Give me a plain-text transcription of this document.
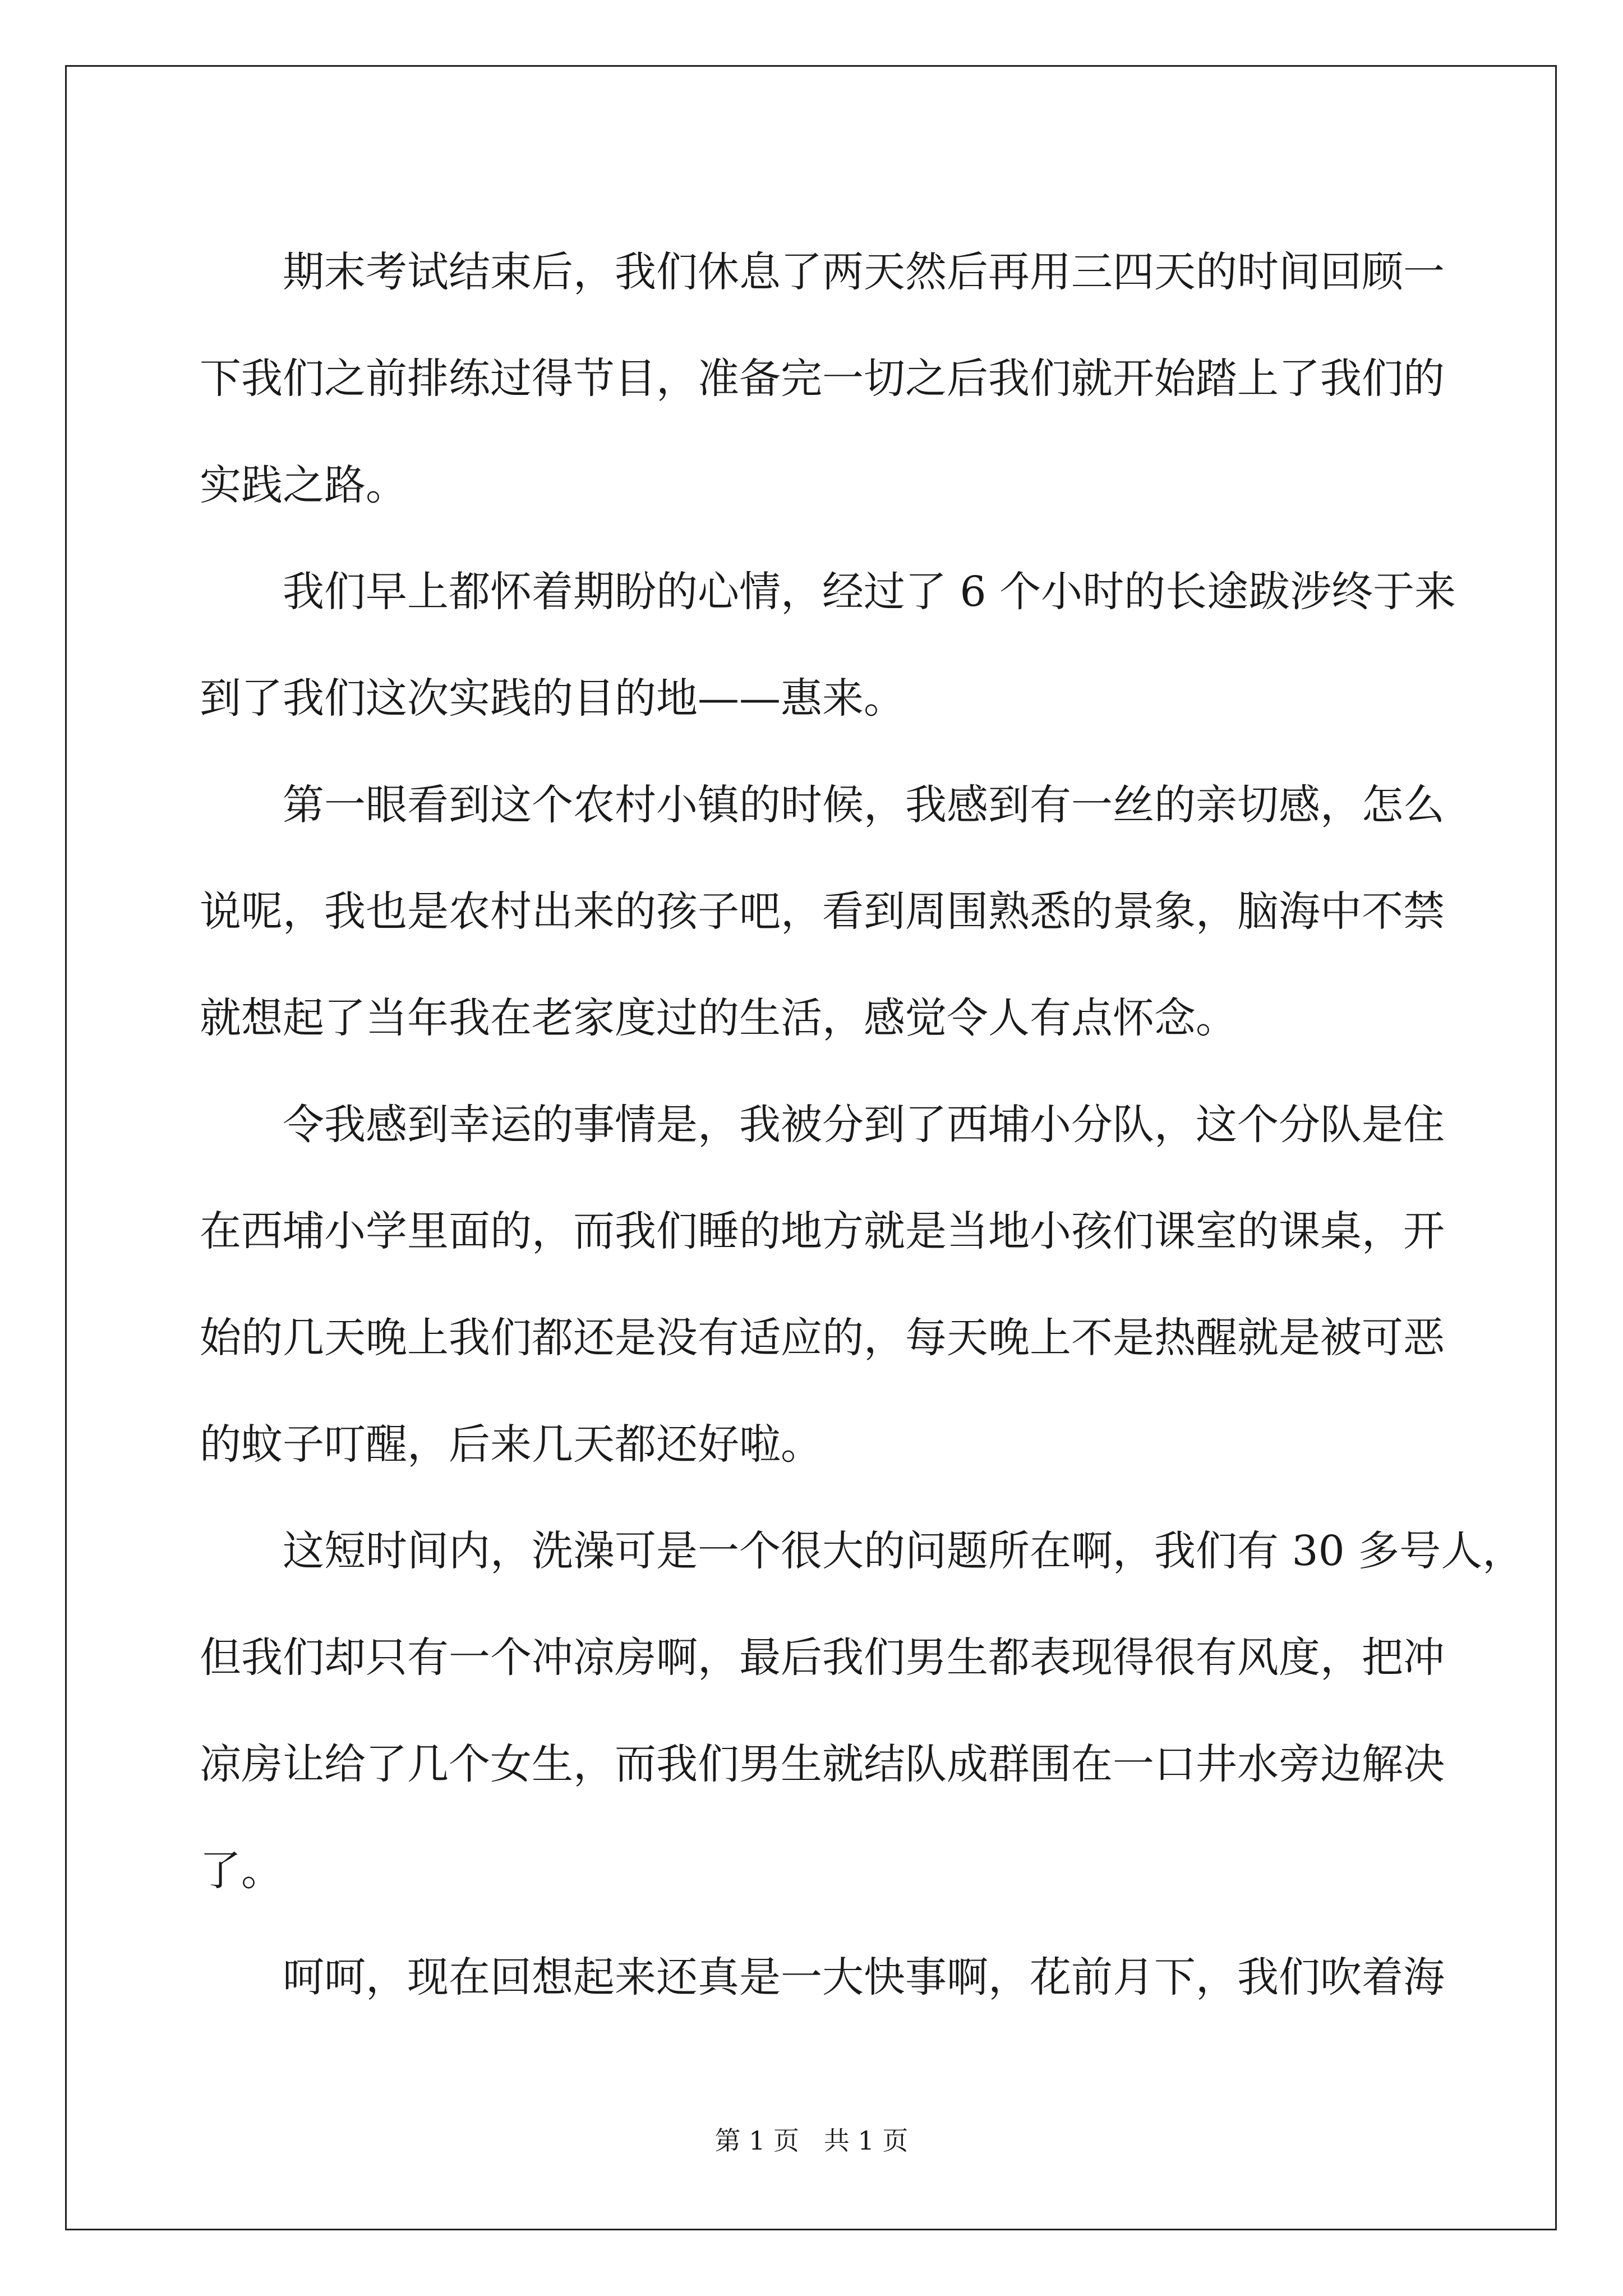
期末考试结束后，我们休息了两天然后再用三四天的时间回顾一
下我们之前排练过得节目，准备完一切之后我们就开始踏上了我们的
实践之路。
我们早上都怀着期盼的心情，经过了 6 个小时的长途跋涉终于来
到了我们这次实践的目的地——惠来。
第一眼看到这个农村小镇的时候，我感到有一丝的亲切感，怎么
说呢，我也是农村出来的孩子吧，看到周围熟悉的景象，脑海中不禁
就想起了当年我在老家度过的生活，感觉令人有点怀念。
令我感到幸运的事情是，我被分到了西埔小分队，这个分队是住
在西埔小学里面的，而我们睡的地方就是当地小孩们课室的课桌，开
始的几天晚上我们都还是没有适应的，每天晚上不是热醒就是被可恶
的蚊子叮醒，后来几天都还好啦。
这短时间内，洗澡可是一个很大的问题所在啊，我们有 30 多号人，
但我们却只有一个冲凉房啊，最后我们男生都表现得很有风度，把冲
凉房让给了几个女生，而我们男生就结队成群围在一口井水旁边解决
了。
呵呵，现在回想起来还真是一大快事啊，花前月下，我们吹着海
第 1 页   共 1 页
